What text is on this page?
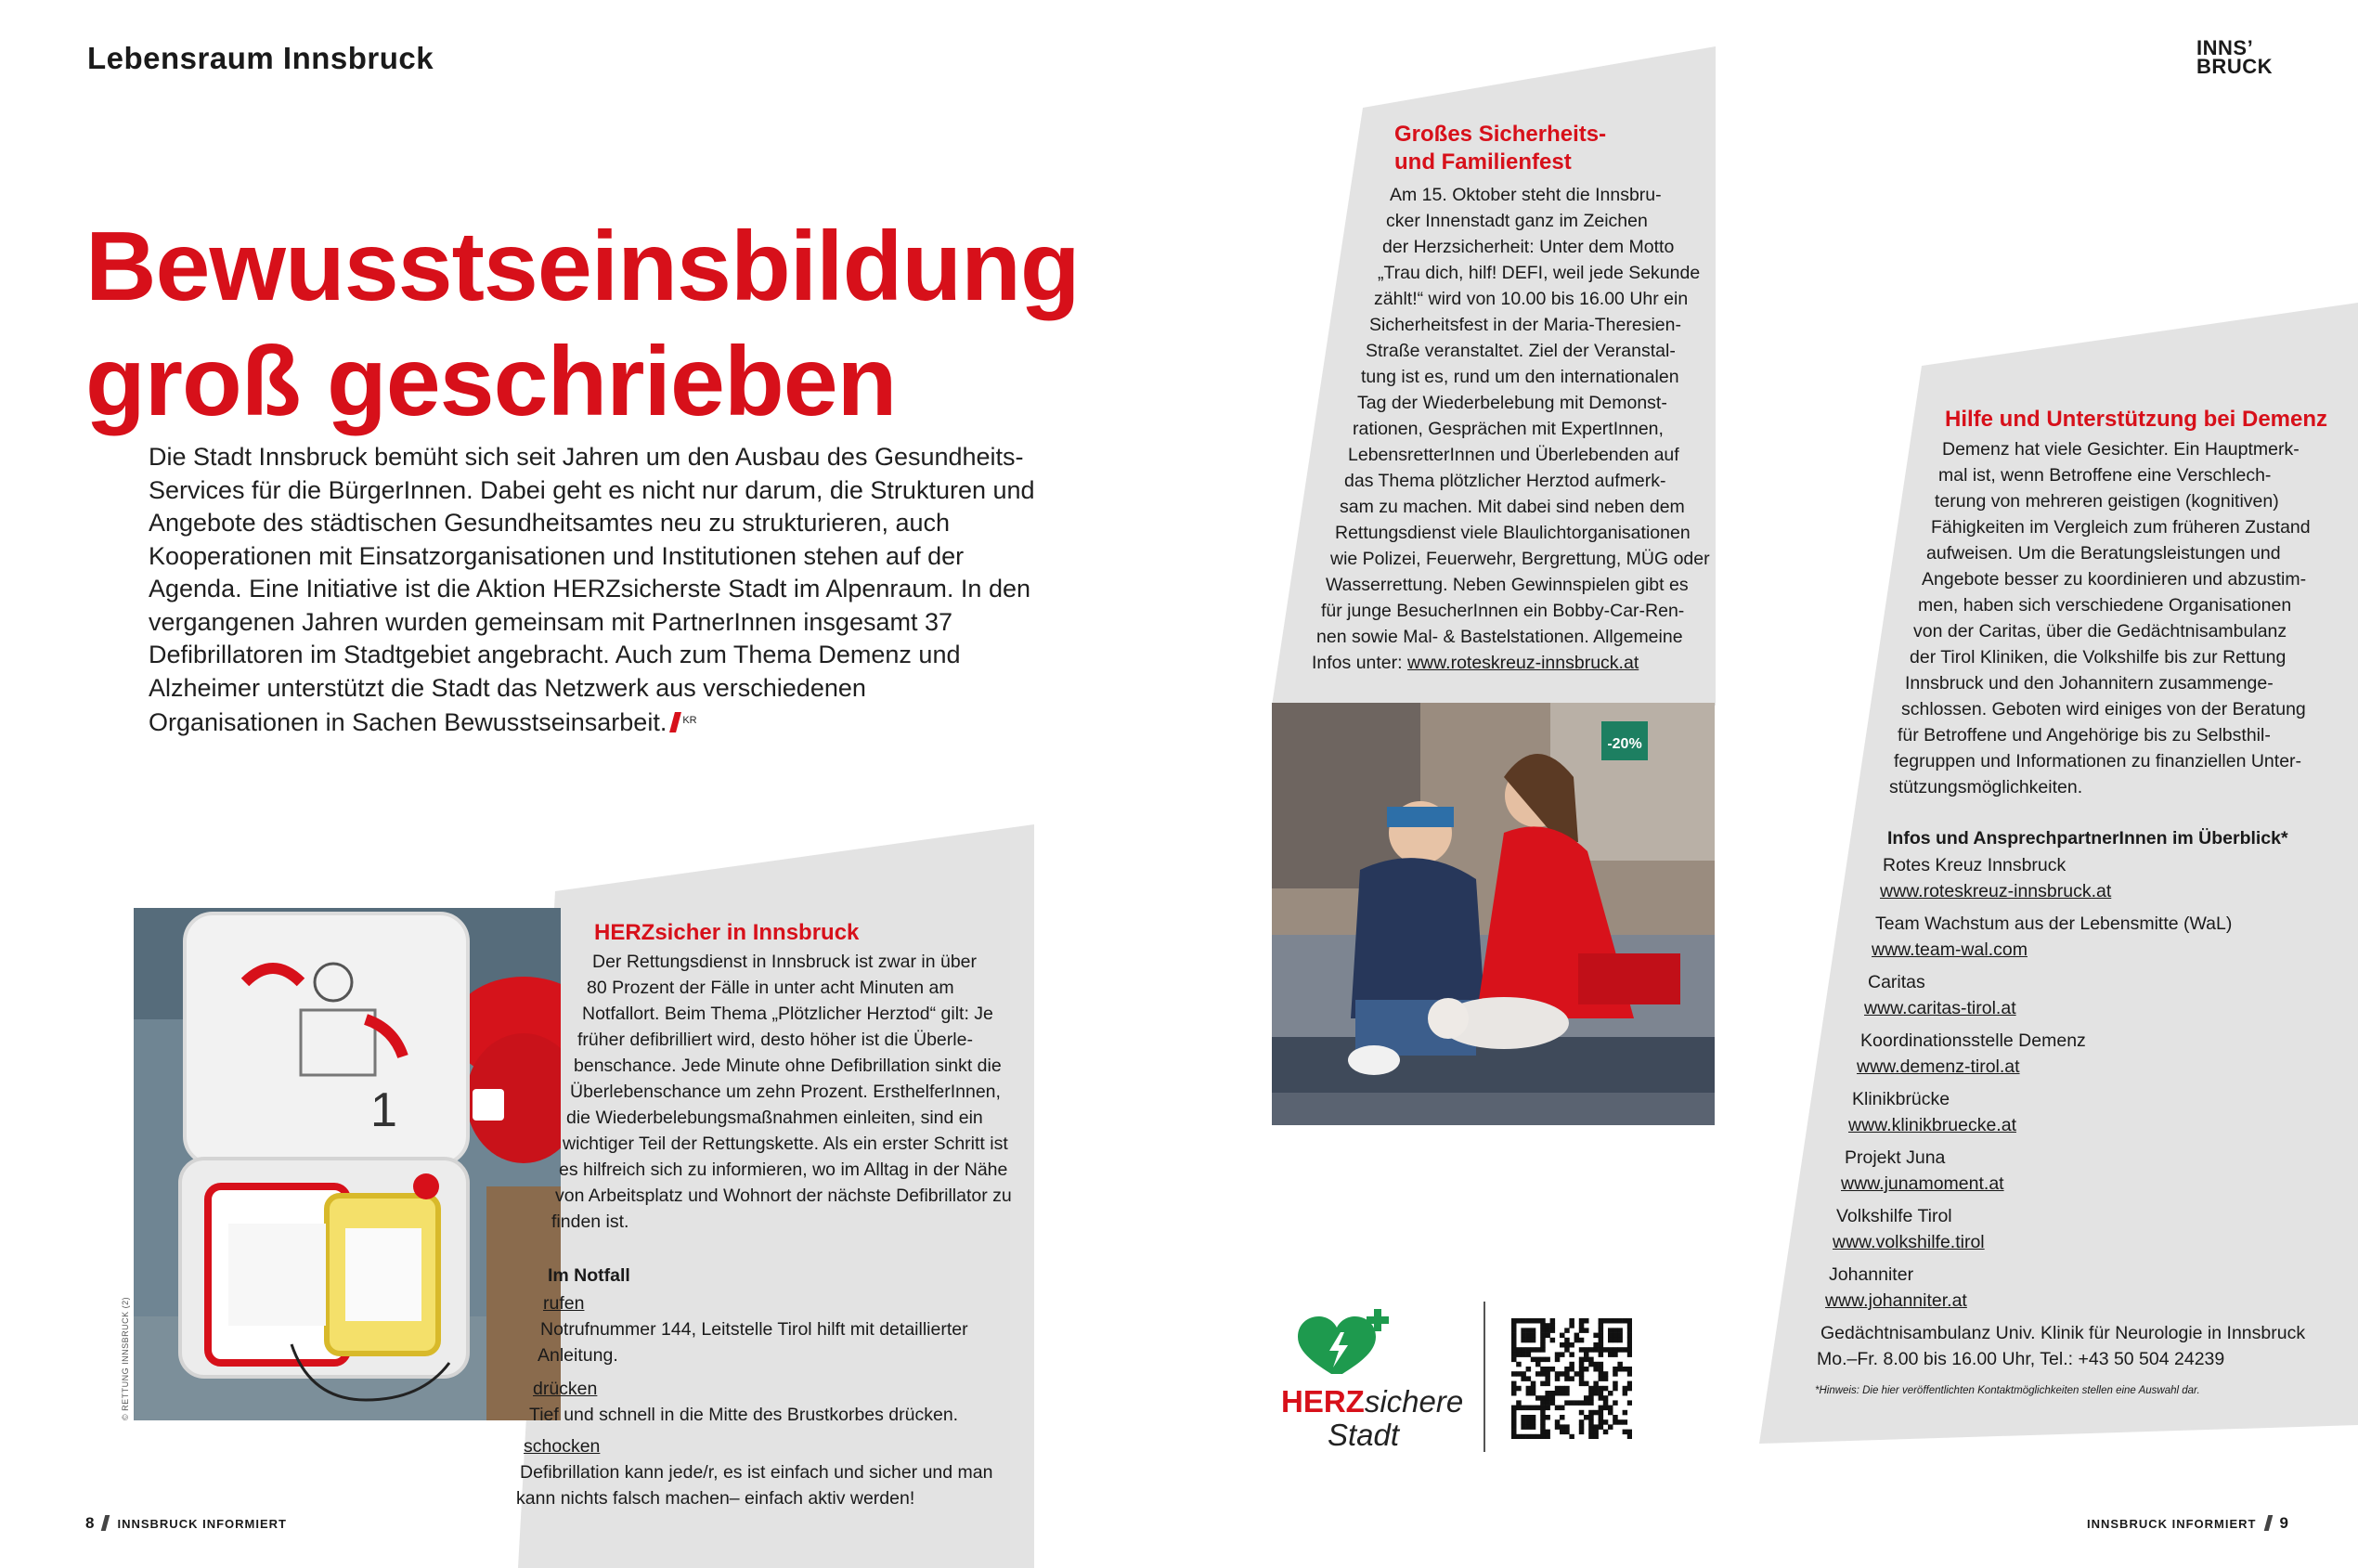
Lebensraum Innsbruck	INNS’
BRUCK
Bewusstseinsbildung
groß geschrieben
Die Stadt Innsbruck bemüht sich seit Jahren um den Ausbau des Gesundheits-Services für die BürgerInnen. Dabei geht es nicht nur darum, die Strukturen und Angebote des städtischen Gesundheitsamtes neu zu strukturieren, auch Kooperationen mit Einsatzorganisationen und Institutionen stehen auf der Agenda. Eine Initiative ist die Aktion HERZsicherste Stadt im Alpenraum. In den vergangenen Jahren wurden gemeinsam mit PartnerInnen insgesamt 37 Defibrillatoren im Stadtgebiet angebracht. Auch zum Thema Demenz und Alzheimer unterstützt die Stadt das Netzwerk aus verschiedenen Organisationen in Sachen Bewusstseinsarbeit. $^{KR}$
1
© RETTUNG INNSBRUCK (2)
HERZsicher in Innsbruck
Der Rettungsdienst in Innsbruck ist zwar in über
80 Prozent der Fälle in unter acht Minuten am
Notfallort. Beim Thema „Plötzlicher Herztod“ gilt: Je
früher defibrilliert wird, desto höher ist die Überle-
benschance. Jede Minute ohne Defibrillation sinkt die
Überlebenschance um zehn Prozent. ErsthelferInnen,
die Wiederbelebungsmaßnahmen einleiten, sind ein
wichtiger Teil der Rettungskette. Als ein erster Schritt ist
es hilfreich sich zu informieren, wo im Alltag in der Nähe
von Arbeitsplatz und Wohnort der nächste Defibrillator zu
finden ist.
Im Notfall
rufen
Notrufnummer 144, Leitstelle Tirol hilft mit detaillierter
Anleitung.
drücken
Tief und schnell in die Mitte des Brustkorbes drücken.
schocken
Defibrillation kann jede/r, es ist einfach und sicher und man
kann nichts falsch machen– einfach aktiv werden!
Großes Sicherheits-
und Familienfest
Am 15. Oktober steht die Innsbru-
cker Innenstadt ganz im Zeichen
der Herzsicherheit: Unter dem Motto
„Trau dich, hilf! DEFI, weil jede Sekunde
zählt!“ wird von 10.00 bis 16.00 Uhr ein
Sicherheitsfest in der Maria-Theresien-
Straße veranstaltet. Ziel der Veranstal-
tung ist es, rund um den internationalen
Tag der Wiederbelebung mit Demonst-
rationen, Gesprächen mit ExpertInnen,
LebensretterInnen und Überlebenden auf
das Thema plötzlicher Herztod aufmerk-
sam zu machen. Mit dabei sind neben dem
Rettungsdienst viele Blaulichtorganisationen
wie Polizei, Feuerwehr, Bergrettung, MÜG oder
Wasserrettung. Neben Gewinnspielen gibt es
für junge BesucherInnen ein Bobby-Car-Ren-
nen sowie Mal- & Bastelstationen. Allgemeine
Infos unter: www.roteskreuz-innsbruck.at
-20%
HERZsichere
Stadt
Hilfe und Unterstützung bei Demenz
Demenz hat viele Gesichter. Ein Hauptmerk-
mal ist, wenn Betroffene eine Verschlech-
terung von mehreren geistigen (kognitiven)
Fähigkeiten im Vergleich zum früheren Zustand
aufweisen. Um die Beratungsleistungen und
Angebote besser zu koordinieren und abzustim-
men, haben sich verschiedene Organisationen
von der Caritas, über die Gedächtnisambulanz
der Tirol Kliniken, die Volkshilfe bis zur Rettung
Innsbruck und den Johannitern zusammenge-
schlossen. Geboten wird einiges von der Beratung
für Betroffene und Angehörige bis zu Selbsthil-
fegruppen und Informationen zu finanziellen Unter-
stützungsmöglichkeiten.
Infos und AnsprechpartnerInnen im Überblick*
Rotes Kreuz Innsbruck
www.roteskreuz-innsbruck.at
Team Wachstum aus der Lebensmitte (WaL)
www.team-wal.com
Caritas
www.caritas-tirol.at
Koordinationsstelle Demenz
www.demenz-tirol.at
Klinikbrücke
www.klinikbruecke.at
Projekt Juna
www.junamoment.at
Volkshilfe Tirol
www.volkshilfe.tirol
Johanniter
www.johanniter.at
Gedächtnisambulanz Univ. Klinik für Neurologie in Innsbruck
Mo.–Fr. 8.00 bis 16.00 Uhr, Tel.: +43 50 504 24239
*Hinweis: Die hier veröffentlichten Kontaktmöglichkeiten stellen eine Auswahl dar.
8 INNSBRUCK INFORMIERT	INNSBRUCK INFORMIERT 9
